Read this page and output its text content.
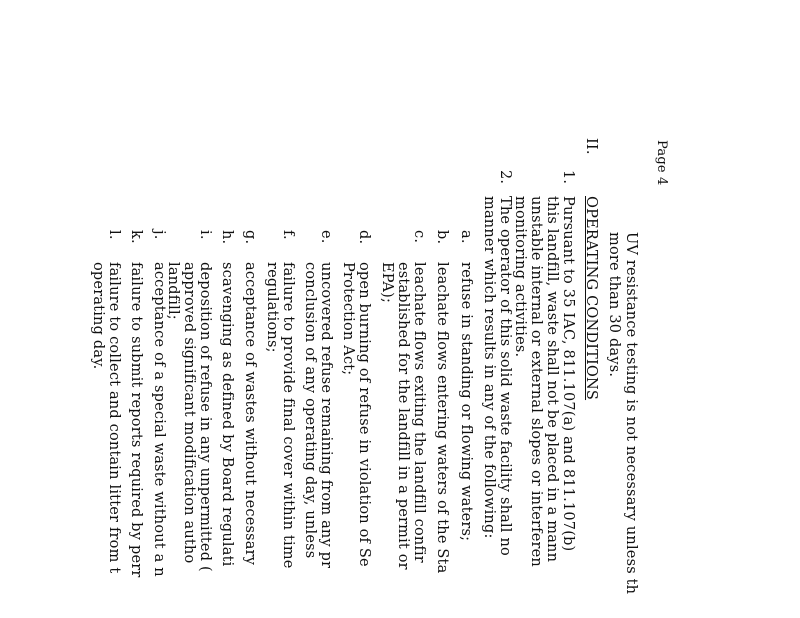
Page 4
UV resistance testing is not necessary unless th
more than 30 days.
II.
OPERATING CONDITIONS
1.
Pursuant to 35 IAC, 811.107(a) and 811.107(b)
this landfill, waste shall not be placed in a mann
unstable internal or external slopes or interferen
monitoring activities.
2.
The operator of this solid waste facility shall no
manner which results in any of the following:
a.
refuse in standing or flowing waters;
b.
leachate flows entering waters of the Sta
c.
leachate flows exiting the landfill confir
established for the landfill in a permit or
EPA);
d.
open burning of refuse in violation of Se
Protection Act;
e.
uncovered refuse remaining from any pr
conclusion of any operating day, unless
f.
failure to provide final cover within time
regulations;
g.
acceptance of wastes without necessary
h.
scavenging as defined by Board regulati
i.
deposition of refuse in any unpermitted (
approved significant modification autho
landfill;
j.
acceptance of a special waste without a n
k.
failure to submit reports required by perr
l.
failure to collect and contain litter from t
operating day.
